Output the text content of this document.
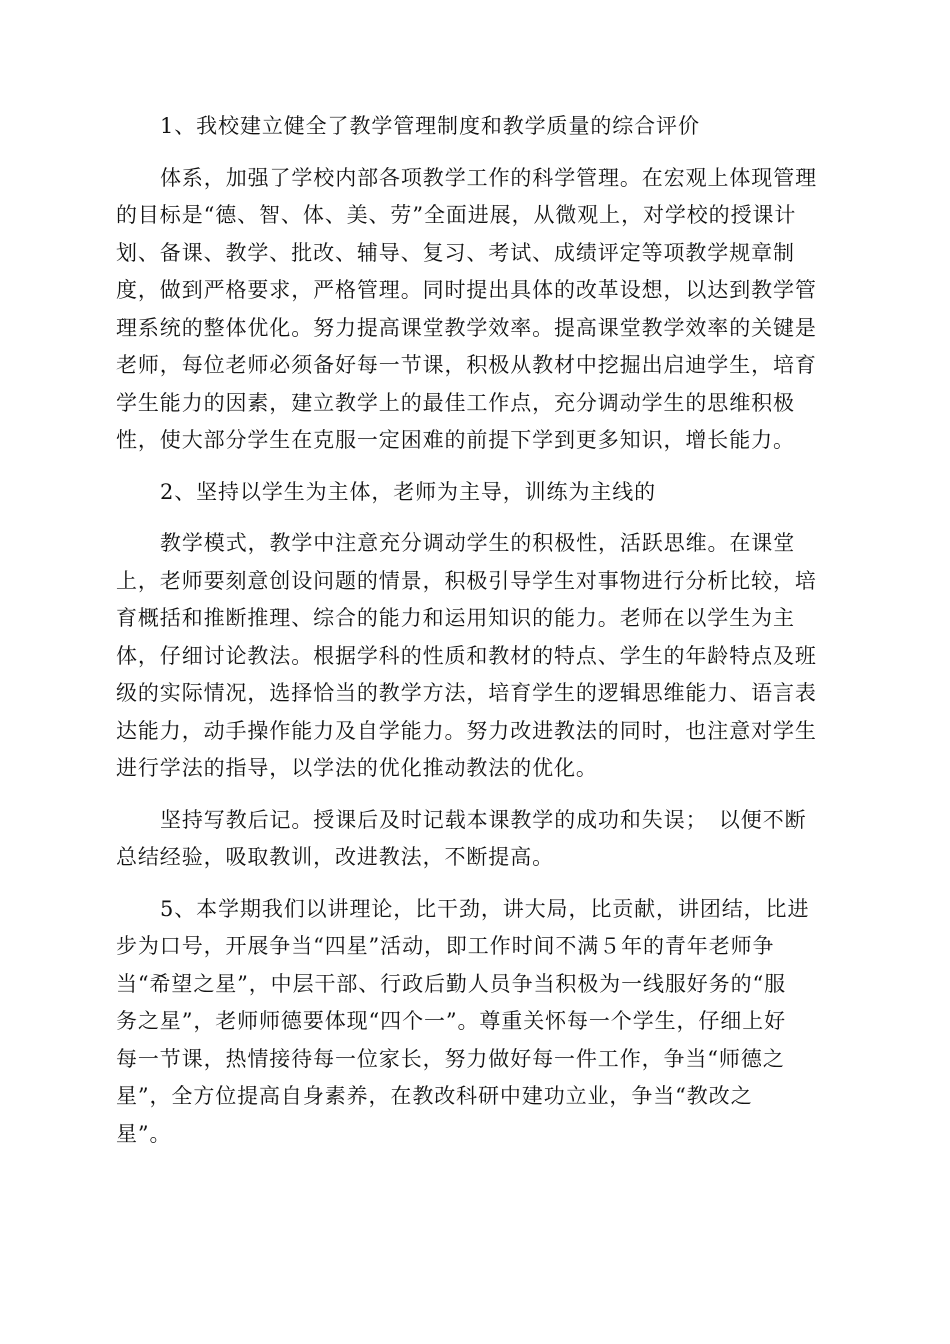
1、我校建立健全了教学管理制度和教学质量的综合评价

体系，加强了学校内部各项教学工作的科学管理。在宏观上体现管理
的目标是“德、智、体、美、劳”全面进展，从微观上，对学校的授课计
划、备课、教学、批改、辅导、复习、考试、成绩评定等项教学规章制
度，做到严格要求，严格管理。同时提出具体的改革设想，以达到教学管
理系统的整体优化。努力提高课堂教学效率。提高课堂教学效率的关键是
老师，每位老师必须备好每一节课，积极从教材中挖掘出启迪学生，培育
学生能力的因素，建立教学上的最佳工作点，充分调动学生的思维积极
性，使大部分学生在克服一定困难的前提下学到更多知识，增长能力。

2、坚持以学生为主体，老师为主导，训练为主线的

教学模式，教学中注意充分调动学生的积极性，活跃思维。在课堂
上，老师要刻意创设问题的情景，积极引导学生对事物进行分析比较，培
育概括和推断推理、综合的能力和运用知识的能力。老师在以学生为主
体，仔细讨论教法。根据学科的性质和教材的特点、学生的年龄特点及班
级的实际情况，选择恰当的教学方法，培育学生的逻辑思维能力、语言表
达能力，动手操作能力及自学能力。努力改进教法的同时，也注意对学生
进行学法的指导，以学法的优化推动教法的优化。

坚持写教后记。授课后及时记载本课教学的成功和失误；　以便不断
总结经验，吸取教训，改进教法，不断提高。

5、本学期我们以讲理论，比干劲，讲大局，比贡献，讲团结，比进
步为口号，开展争当“四星”活动，即工作时间不满５年的青年老师争
当“希望之星”，中层干部、行政后勤人员争当积极为一线服好务的“服
务之星”，老师师德要体现“四个一”。尊重关怀每一个学生，仔细上好
每一节课，热情接待每一位家长，努力做好每一件工作，争当“师德之
星”，全方位提高自身素养，在教改科研中建功立业，争当“教改之
星”。
